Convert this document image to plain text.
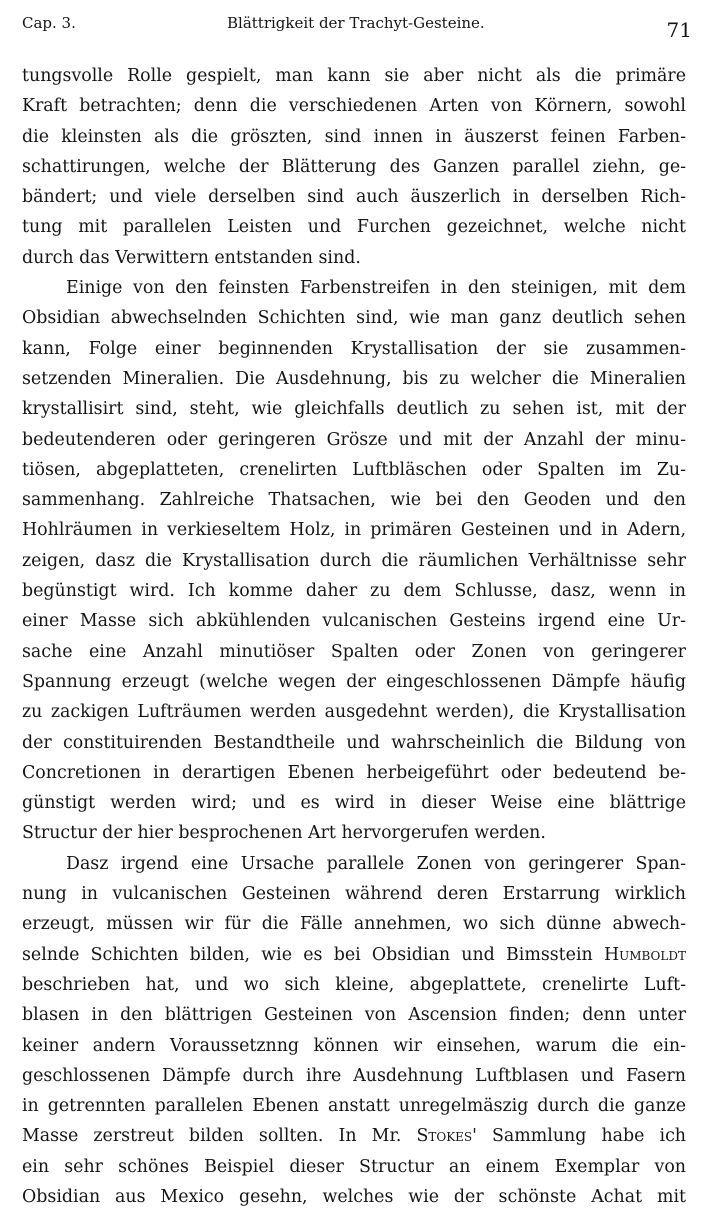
Cap. 3.	Blättrigkeit der Trachyt-Gesteine.	71
tungsvolle Rolle gespielt, man kann sie aber nicht als die primäre
Kraft betrachten; denn die verschiedenen Arten von Körnern, sowohl
die kleinsten als die gröszten, sind innen in äuszerst feinen Farben-
schattirungen, welche der Blätterung des Ganzen parallel ziehn, ge-
bändert; und viele derselben sind auch äuszerlich in derselben Rich-
tung mit parallelen Leisten und Furchen gezeichnet, welche nicht
durch das Verwittern entstanden sind.
Einige von den feinsten Farbenstreifen in den steinigen, mit dem
Obsidian abwechselnden Schichten sind, wie man ganz deutlich sehen
kann, Folge einer beginnenden Krystallisation der sie zusammen-
setzenden Mineralien. Die Ausdehnung, bis zu welcher die Mineralien
krystallisirt sind, steht, wie gleichfalls deutlich zu sehen ist, mit der
bedeutenderen oder geringeren Grösze und mit der Anzahl der minu-
tiösen, abgeplatteten, crenelirten Luftbläschen oder Spalten im Zu-
sammenhang. Zahlreiche Thatsachen, wie bei den Geoden und den
Hohlräumen in verkieseltem Holz, in primären Gesteinen und in Adern,
zeigen, dasz die Krystallisation durch die räumlichen Verhältnisse sehr
begünstigt wird. Ich komme daher zu dem Schlusse, dasz, wenn in
einer Masse sich abkühlenden vulcanischen Gesteins irgend eine Ur-
sache eine Anzahl minutiöser Spalten oder Zonen von geringerer
Spannung erzeugt (welche wegen der eingeschlossenen Dämpfe häufig
zu zackigen Lufträumen werden ausgedehnt werden), die Krystallisation
der constituirenden Bestandtheile und wahrscheinlich die Bildung von
Concretionen in derartigen Ebenen herbeigeführt oder bedeutend be-
günstigt werden wird; und es wird in dieser Weise eine blättrige
Structur der hier besprochenen Art hervorgerufen werden.
Dasz irgend eine Ursache parallele Zonen von geringerer Span-
nung in vulcanischen Gesteinen während deren Erstarrung wirklich
erzeugt, müssen wir für die Fälle annehmen, wo sich dünne abwech-
selnde Schichten bilden, wie es bei Obsidian und Bimsstein Humboldt
beschrieben hat, und wo sich kleine, abgeplattete, crenelirte Luft-
blasen in den blättrigen Gesteinen von Ascension finden; denn unter
keiner andern Voraussetznng können wir einsehen, warum die ein-
geschlossenen Dämpfe durch ihre Ausdehnung Luftblasen und Fasern
in getrennten parallelen Ebenen anstatt unregelmäszig durch die ganze
Masse zerstreut bilden sollten. In Mr. Stokes' Sammlung habe ich
ein sehr schönes Beispiel dieser Structur an einem Exemplar von
Obsidian aus Mexico gesehn, welches wie der schönste Achat mit
